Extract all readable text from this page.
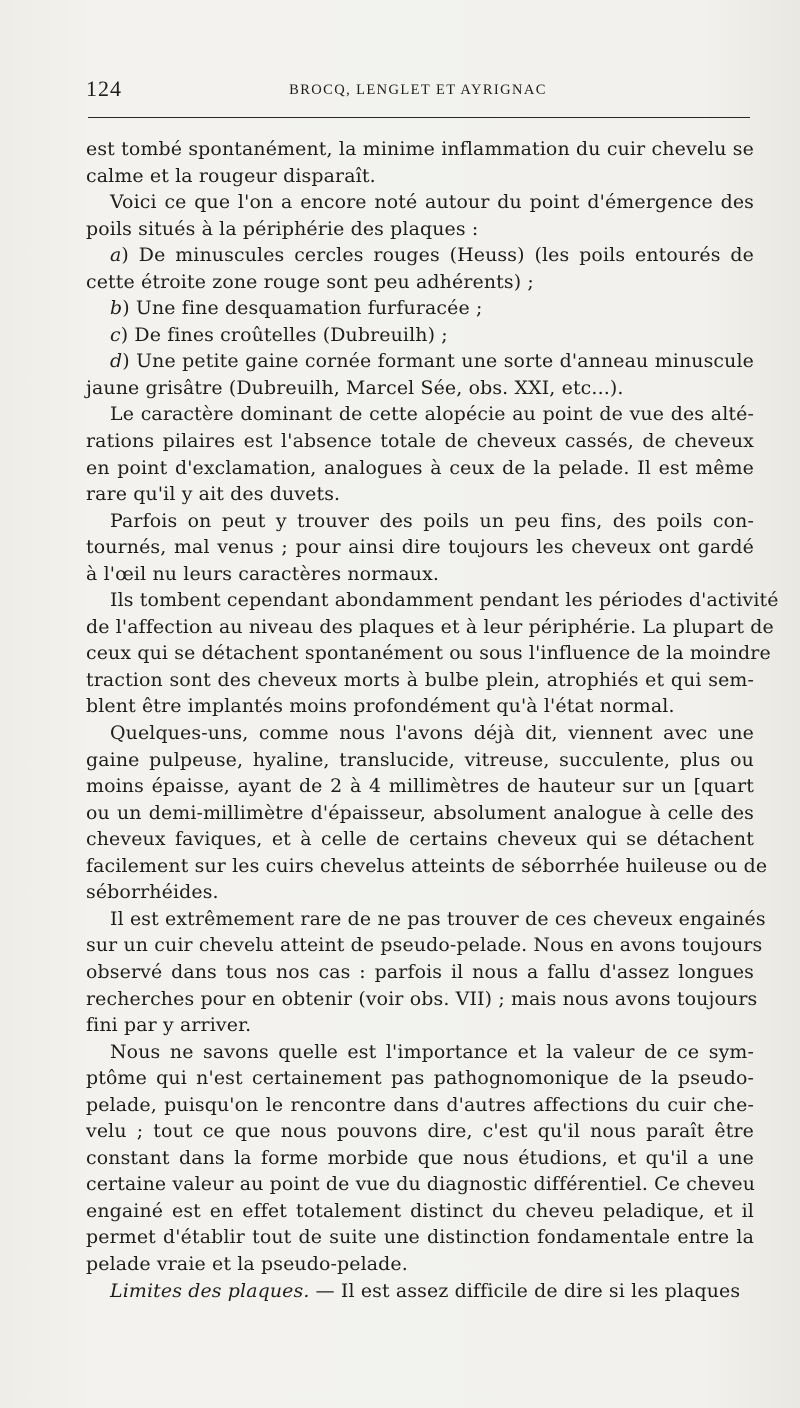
124	BROCQ, LENGLET ET AYRIGNAC
est tombé spontanément, la minime inflammation du cuir chevelu se
calme et la rougeur disparaît.
Voici ce que l'on a encore noté autour du point d'émergence des
poils situés à la périphérie des plaques :
a) De minuscules cercles rouges (Heuss) (les poils entourés de
cette étroite zone rouge sont peu adhérents) ;
b) Une fine desquamation furfuracée ;
c) De fines croûtelles (Dubreuilh) ;
d) Une petite gaine cornée formant une sorte d'anneau minuscule
jaune grisâtre (Dubreuilh, Marcel Sée, obs. XXI, etc...).
Le caractère dominant de cette alopécie au point de vue des alté-
rations pilaires est l'absence totale de cheveux cassés, de cheveux
en point d'exclamation, analogues à ceux de la pelade. Il est même
rare qu'il y ait des duvets.
Parfois on peut y trouver des poils un peu fins, des poils con-
tournés, mal venus ; pour ainsi dire toujours les cheveux ont gardé
à l'œil nu leurs caractères normaux.
Ils tombent cependant abondamment pendant les périodes d'activité
de l'affection au niveau des plaques et à leur périphérie. La plupart de
ceux qui se détachent spontanément ou sous l'influence de la moindre
traction sont des cheveux morts à bulbe plein, atrophiés et qui sem-
blent être implantés moins profondément qu'à l'état normal.
Quelques-uns, comme nous l'avons déjà dit, viennent avec une
gaine pulpeuse, hyaline, translucide, vitreuse, succulente, plus ou
moins épaisse, ayant de 2 à 4 millimètres de hauteur sur un [quart
ou un demi-millimètre d'épaisseur, absolument analogue à celle des
cheveux faviques, et à celle de certains cheveux qui se détachent
facilement sur les cuirs chevelus atteints de séborrhée huileuse ou de
séborrhéides.
Il est extrêmement rare de ne pas trouver de ces cheveux engainés
sur un cuir chevelu atteint de pseudo-pelade. Nous en avons toujours
observé dans tous nos cas : parfois il nous a fallu d'assez longues
recherches pour en obtenir (voir obs. VII) ; mais nous avons toujours
fini par y arriver.
Nous ne savons quelle est l'importance et la valeur de ce sym-
ptôme qui n'est certainement pas pathognomonique de la pseudo-
pelade, puisqu'on le rencontre dans d'autres affections du cuir che-
velu ; tout ce que nous pouvons dire, c'est qu'il nous paraît être
constant dans la forme morbide que nous étudions, et qu'il a une
certaine valeur au point de vue du diagnostic différentiel. Ce cheveu
engainé est en effet totalement distinct du cheveu peladique, et il
permet d'établir tout de suite une distinction fondamentale entre la
pelade vraie et la pseudo-pelade.
Limites des plaques. — Il est assez difficile de dire si les plaques
